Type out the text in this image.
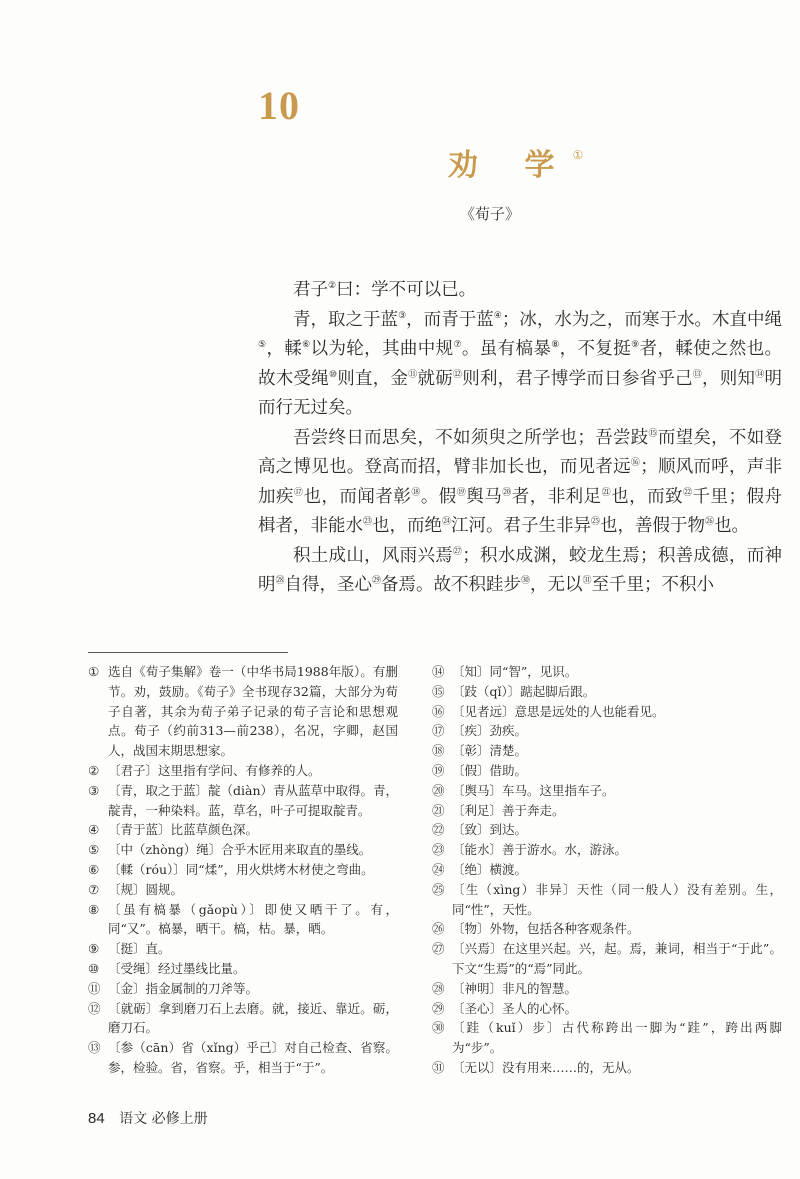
10
劝 学①
《荀子》

君子②曰：学不可以已。

青，取之于蓝③，而青于蓝④；冰，水为之，而寒于水。木直中绳⑤，輮⑥以为轮，其曲中规⑦。虽有槁暴⑧，不复挺⑨者，輮使之然也。故木受绳⑩则直，金⑪就砺⑫则利，君子博学而日参省乎己⑬，则知⑭明而行无过矣。

吾尝终日而思矣，不如须臾之所学也；吾尝跂⑮而望矣，不如登高之博见也。登高而招，臂非加长也，而见者远⑯；顺风而呼，声非加疾⑰也，而闻者彰⑱。假⑲舆马⑳者，非利足$^㉑$也，而致$^㉒$千里；假舟楫者，非能水$^㉓$也，而绝$^㉔$江河。君子生非异$^㉕$也，善假于物$^㉖$也。

积土成山，风雨兴焉$^㉗$；积水成渊，蛟龙生焉；积善成德，而神明$^㉘$自得，圣心$^㉙$备焉。故不积跬步$^㉚$，无以$^㉛$至千里；不积小

① 选自《荀子集解》卷一（中华书局1988年版）。有删节。劝，鼓励。《荀子》全书现存32篇，大部分为荀子自著，其余为荀子弟子记录的荀子言论和思想观点。荀子（约前313—前238），名况，字卿，赵国人，战国末期思想家。
② 〔君子〕这里指有学问、有修养的人。
③ 〔青，取之于蓝〕靛（diàn）青从蓝草中取得。青，靛青，一种染料。蓝，草名，叶子可提取靛青。
④ 〔青于蓝〕比蓝草颜色深。
⑤ 〔中（zhòng）绳〕合乎木匠用来取直的墨线。
⑥ 〔輮（róu）〕同“煣”，用火烘烤木材使之弯曲。
⑦ 〔规〕圆规。
⑧ 〔虽有槁暴（gǎopù）〕即使又晒干了。有，同“又”。槁暴，晒干。槁，枯。暴，晒。
⑨ 〔挺〕直。
⑩ 〔受绳〕经过墨线比量。
⑪ 〔金〕指金属制的刀斧等。
⑫ 〔就砺〕拿到磨刀石上去磨。就，接近、靠近。砺，磨刀石。
⑬ 〔参（cān）省（xǐng）乎己〕对自己检查、省察。参，检验。省，省察。乎，相当于“于”。
⑭ 〔知〕同“智”，见识。
⑮ 〔跂（qǐ）〕踮起脚后跟。
⑯ 〔见者远〕意思是远处的人也能看见。
⑰ 〔疾〕劲疾。
⑱ 〔彰〕清楚。
⑲ 〔假〕借助。
⑳ 〔舆马〕车马。这里指车子。
㉑ 〔利足〕善于奔走。
㉒ 〔致〕到达。
㉓ 〔能水〕善于游水。水，游泳。
㉔ 〔绝〕横渡。
㉕ 〔生（xìng）非异〕天性（同一般人）没有差别。生，同“性”，天性。
㉖ 〔物〕外物，包括各种客观条件。
㉗ 〔兴焉〕在这里兴起。兴，起。焉，兼词，相当于“于此”。下文“生焉”的“焉”同此。
㉘ 〔神明〕非凡的智慧。
㉙ 〔圣心〕圣人的心怀。
㉚ 〔跬（kuǐ）步〕古代称跨出一脚为“跬”，跨出两脚为“步”。
㉛ 〔无以〕没有用来……的，无从。
84 语文 必修上册
